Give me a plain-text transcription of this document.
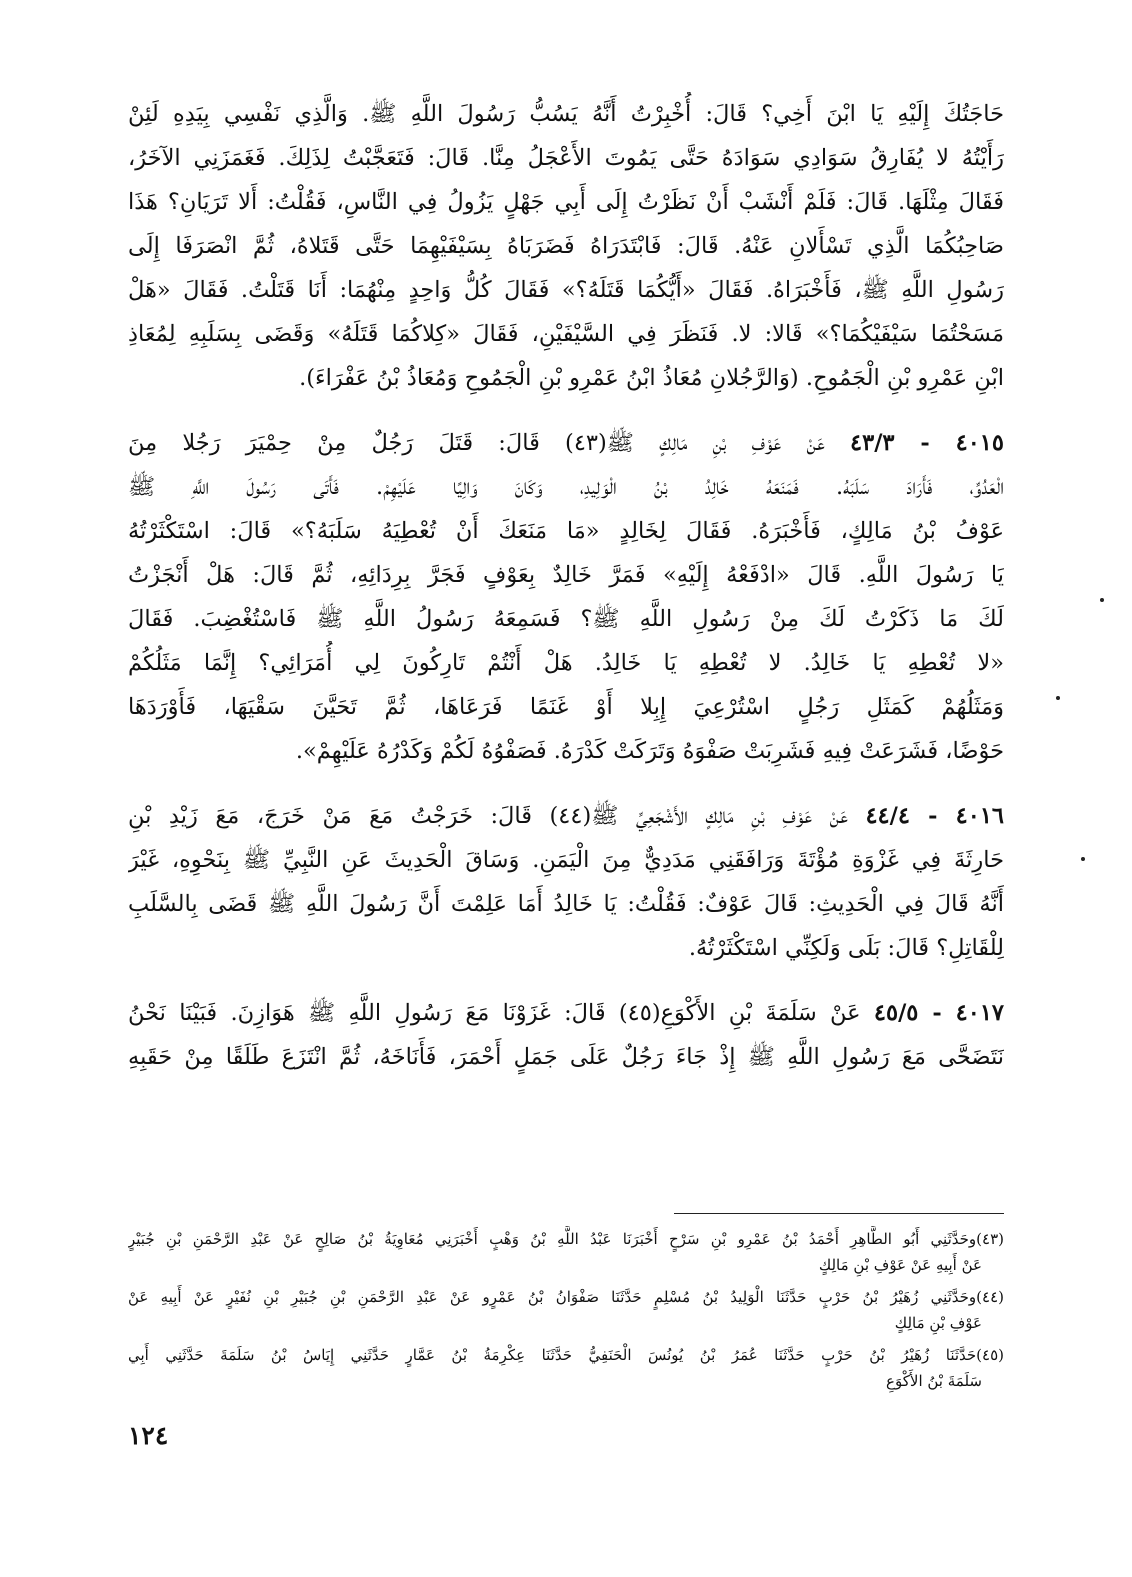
حَاجَتُكَ إِلَيْهِ يَا ابْنَ أَخِي؟ قَالَ: أُخْبِرْتُ أَنَّهُ يَسُبُّ رَسُولَ اللَّهِ ﷺ. وَالَّذِي نَفْسِي بِيَدِهِ لَئِنْ
رَأَيْتُهُ لا يُفَارِقُ سَوَادِي سَوَادَهُ حَتَّى يَمُوتَ الأَعْجَلُ مِنَّا. قَالَ: فَتَعَجَّبْتُ لِذَلِكَ. فَغَمَزَنِي الآخَرُ،
فَقَالَ مِثْلَهَا. قَالَ: فَلَمْ أَنْشَبْ أَنْ نَظَرْتُ إِلَى أَبِي جَهْلٍ يَزُولُ فِي النَّاسِ، فَقُلْتُ: أَلا تَرَيَانِ؟ هَذَا
صَاحِبُكُمَا الَّذِي تَسْأَلانِ عَنْهُ. قَالَ: فَابْتَدَرَاهُ فَضَرَبَاهُ بِسَيْفَيْهِمَا حَتَّى قَتَلاهُ، ثُمَّ انْصَرَفَا إِلَى
رَسُولِ اللَّهِ ﷺ، فَأَخْبَرَاهُ. فَقَالَ «أَيُّكُمَا قَتَلَهُ؟» فَقَالَ كُلُّ وَاحِدٍ مِنْهُمَا: أَنَا قَتَلْتُ. فَقَالَ «هَلْ
مَسَحْتُمَا سَيْفَيْكُمَا؟» قَالا: لا. فَنَظَرَ فِي السَّيْفَيْنِ، فَقَالَ «كِلاكُمَا قَتَلَهُ» وَقَضَى بِسَلَبِهِ لِمُعَاذِ
ابْنِ عَمْرِو بْنِ الْجَمُوحِ. (وَالرَّجُلانِ مُعَاذُ ابْنُ عَمْرِو بْنِ الْجَمُوحِ وَمُعَاذُ بْنُ عَفْرَاءَ).
٤٠١٥ - ٤٣/٣ عَنْ عَوْفِ بْنِ مَالِكٍ ﷺ(٤٣) قَالَ: قَتَلَ رَجُلٌ مِنْ حِمْيَرَ رَجُلا مِنَ
الْعَدُوِّ، فَأَرَادَ سَلَبَهُ. فَمَنَعَهُ خَالِدُ بْنُ الْوَلِيدِ، وَكَانَ وَالِيًا عَلَيْهِمْ. فَأَتَى رَسُولَ اللَّهِ ﷺ
عَوْفُ بْنُ مَالِكٍ، فَأَخْبَرَهُ. فَقَالَ لِخَالِدٍ «مَا مَنَعَكَ أَنْ تُعْطِيَهُ سَلَبَهُ؟» قَالَ: اسْتَكْثَرْتُهُ
يَا رَسُولَ اللَّهِ. قَالَ «ادْفَعْهُ إِلَيْهِ» فَمَرَّ خَالِدٌ بِعَوْفٍ فَجَرَّ بِرِدَائِهِ، ثُمَّ قَالَ: هَلْ أَنْجَزْتُ
لَكَ مَا ذَكَرْتُ لَكَ مِنْ رَسُولِ اللَّهِ ﷺ؟ فَسَمِعَهُ رَسُولُ اللَّهِ ﷺ فَاسْتُغْضِبَ. فَقَالَ
«لا تُعْطِهِ يَا خَالِدُ. لا تُعْطِهِ يَا خَالِدُ. هَلْ أَنْتُمْ تَارِكُونَ لِي أُمَرَائِي؟ إِنَّمَا مَثَلُكُمْ
وَمَثَلُهُمْ كَمَثَلِ رَجُلٍ اسْتُرْعِيَ إِبِلا أَوْ غَنَمًا فَرَعَاهَا، ثُمَّ تَحَيَّنَ سَقْيَهَا، فَأَوْرَدَهَا
حَوْضًا، فَشَرَعَتْ فِيهِ فَشَرِبَتْ صَفْوَهُ وَتَرَكَتْ كَدْرَهُ. فَصَفْوُهُ لَكُمْ وَكَدْرُهُ عَلَيْهِمْ».
٤٠١٦ - ٤٤/٤ عَنْ عَوْفِ بْنِ مَالِكٍ الأَشْجَعِيِّ ﷺ(٤٤) قَالَ: خَرَجْتُ مَعَ مَنْ خَرَجَ، مَعَ زَيْدِ بْنِ
حَارِثَةَ فِي غَزْوَةِ مُؤْتَةَ وَرَافَقَنِي مَدَدِيٌّ مِنَ الْيَمَنِ. وَسَاقَ الْحَدِيثَ عَنِ النَّبِيِّ ﷺ بِنَحْوِهِ، غَيْرَ
أَنَّهُ قَالَ فِي الْحَدِيثِ: قَالَ عَوْفٌ: فَقُلْتُ: يَا خَالِدُ أَمَا عَلِمْتَ أَنَّ رَسُولَ اللَّهِ ﷺ قَضَى بِالسَّلَبِ
لِلْقَاتِلِ؟ قَالَ: بَلَى وَلَكِنِّي اسْتَكْثَرْتُهُ.
٤٠١٧ - ٤٥/٥ عَنْ سَلَمَةَ بْنِ الأَكْوَعِ(٤٥) قَالَ: غَزَوْنَا مَعَ رَسُولِ اللَّهِ ﷺ هَوَازِنَ. فَبَيْنَا نَحْنُ
نَتَضَحَّى مَعَ رَسُولِ اللَّهِ ﷺ إِذْ جَاءَ رَجُلٌ عَلَى جَمَلٍ أَحْمَرَ، فَأَنَاخَهُ، ثُمَّ انْتَزَعَ طَلَقًا مِنْ حَقَبِهِ
(٤٣)وحَدَّثَنِي أَبُو الطَّاهِرِ أَحْمَدُ بْنُ عَمْرِو بْنِ سَرْحٍ أَخْبَرَنَا عَبْدُ اللَّهِ بْنُ وَهْبٍ أَخْبَرَنِي مُعَاوِيَةُ بْنُ صَالِحٍ عَنْ عَبْدِ الرَّحْمَنِ بْنِ جُبَيْرٍ
عَنْ أَبِيهِ عَنْ عَوْفِ بْنِ مَالِكٍ
(٤٤)وحَدَّثَنِي زُهَيْرُ بْنُ حَرْبٍ حَدَّثَنَا الْوَلِيدُ بْنُ مُسْلِمٍ حَدَّثَنَا صَفْوَانُ بْنُ عَمْرٍو عَنْ عَبْدِ الرَّحْمَنِ بْنِ جُبَيْرِ بْنِ نُفَيْرٍ عَنْ أَبِيهِ عَنْ
عَوْفِ بْنِ مَالِكٍ
(٤٥)حَدَّثَنَا زُهَيْرُ بْنُ حَرْبٍ حَدَّثَنَا عُمَرُ بْنُ يُونُسَ الْحَنَفِيُّ حَدَّثَنَا عِكْرِمَةُ بْنُ عَمَّارٍ حَدَّثَنِي إِيَاسُ بْنُ سَلَمَةَ حَدَّثَنِي أَبِي
سَلَمَةَ بْنُ الأَكْوَعِ
١٢٤
